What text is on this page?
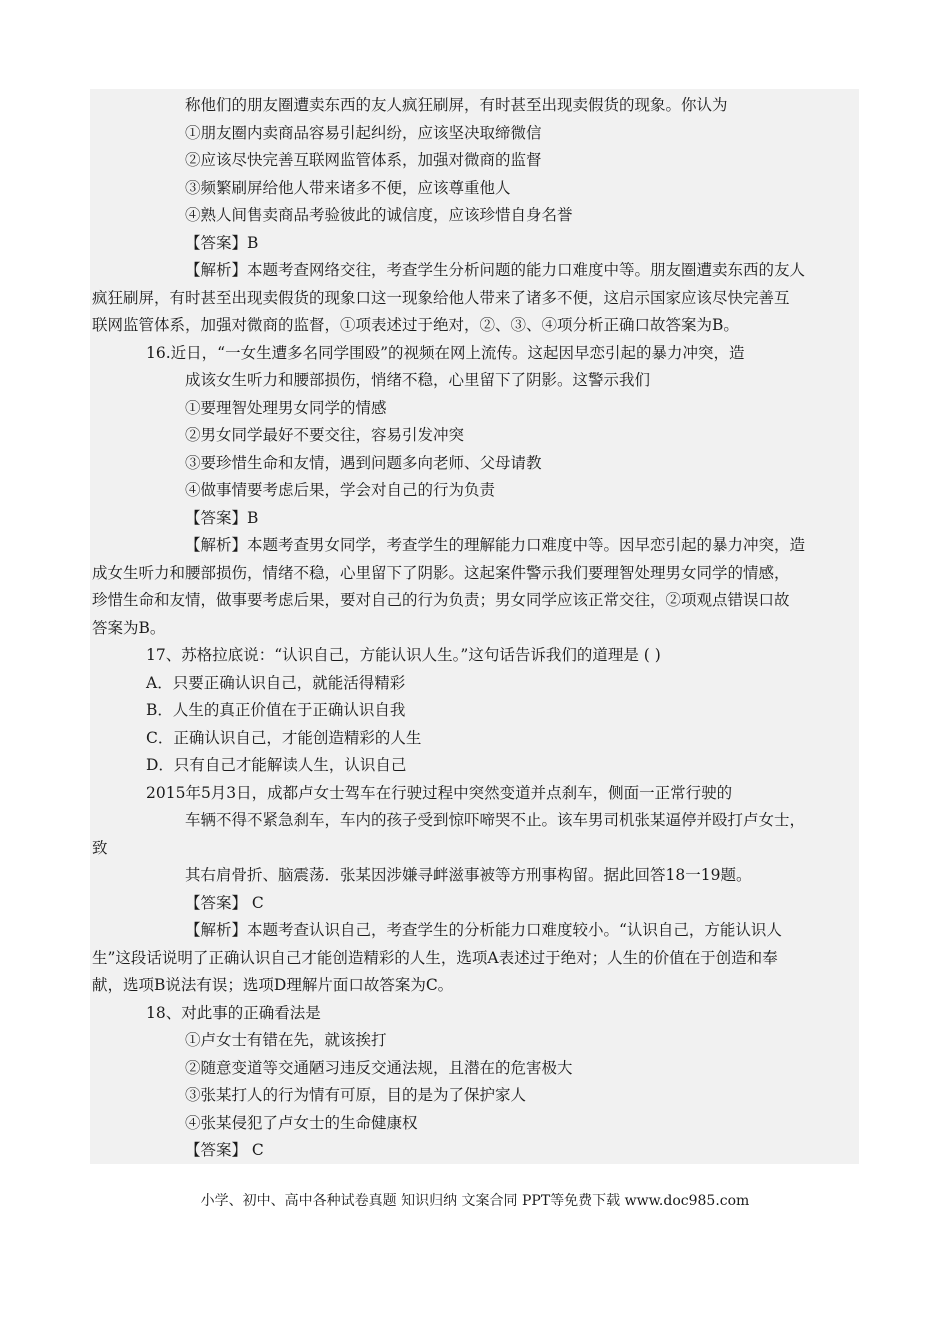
称他们的朋友圈遭卖东西的友人疯狂刷屏，有时甚至出现卖假货的现象。你认为
①朋友圈内卖商品容易引起纠纷，应该坚决取缔微信
②应该尽快完善互联网监管体系，加强对微商的监督
③频繁刷屏给他人带来诸多不便，应该尊重他人
④熟人间售卖商品考验彼此的诚信度，应该珍惜自身名誉
【答案】B
【解析】本题考查网络交往，考查学生分析问题的能力口难度中等。朋友圈遭卖东西的友人
疯狂刷屏，有时甚至出现卖假货的现象口这一现象给他人带来了诸多不便，这启示国家应该尽快完善互
联网监管体系，加强对微商的监督，①项表述过于绝对，②、③、④项分析正确口故答案为B。
16.近日，“一女生遭多名同学围殴”的视频在网上流传。这起因早恋引起的暴力冲突，造
成该女生听力和腰部损伤，悄绪不稳，心里留下了阴影。这警示我们
①要理智处理男女同学的情感
②男女同学最好不要交往，容易引发冲突
③要珍惜生命和友情，遇到问题多向老师、父母请教
④做事情要考虑后果，学会对自己的行为负责
【答案】B
【解析】本题考查男女同学，考查学生的理解能力口难度中等。因早恋引起的暴力冲突，造
成女生听力和腰部损伤，情绪不稳，心里留下了阴影。这起案件警示我们要理智处理男女同学的情感，
珍惜生命和友情，做事要考虑后果，要对自己的行为负责；男女同学应该正常交往，②项观点错误口故
答案为B。
17、苏格拉底说：“认识自己，方能认识人生。”这句话告诉我们的道理是 ( )
A．只要正确认识自己，就能活得精彩
B．人生的真正价值在于正确认识自我
C．正确认识自己，才能创造精彩的人生
D．只有自己才能解读人生，认识自己
2015年5月3日，成都卢女士驾车在行驶过程中突然变道并点刹车，侧面一正常行驶的
车辆不得不紧急刹车，车内的孩子受到惊吓啼哭不止。该车男司机张某逼停并殴打卢女士，
致
其右肩骨折、脑震荡．张某因涉嫌寻衅滋事被等方刑事构留。据此回答18一19题。
【答案】 C
【解析】本题考查认识自己，考查学生的分析能力口难度较小。“认识自己，方能认识人
生”这段话说明了正确认识自己才能创造精彩的人生，选项A表述过于绝对；人生的价值在于创造和奉
献，选项B说法有误；选项D理解片面口故答案为C。
18、对此事的正确看法是
①卢女士有错在先，就该挨打
②随意变道等交通陋习违反交通法规，且潜在的危害极大
③张某打人的行为情有可原，目的是为了保护家人
④张某侵犯了卢女士的生命健康权
【答案】 C
小学、初中、高中各种试卷真题 知识归纳 文案合同 PPT等免费下载 www.doc985.com
